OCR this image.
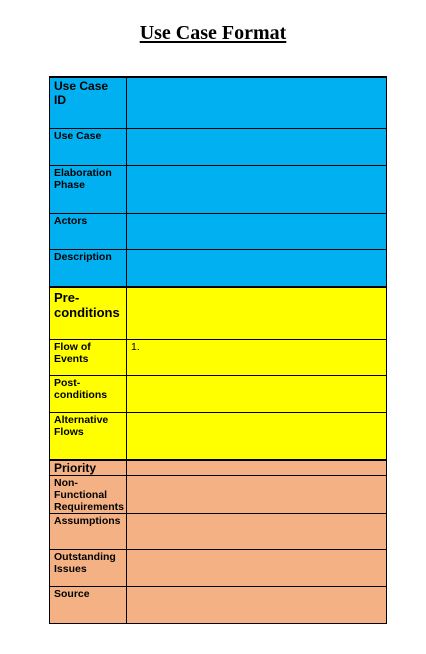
Use Case Format
Use Case ID	
Use Case	
Elaboration Phase	
Actors	
Description	
Pre-conditions	
Flow of Events	1.
Post-conditions	
Alternative Flows	
Priority	
Non-Functional Requirements	
Assumptions	
Outstanding Issues	
Source	
